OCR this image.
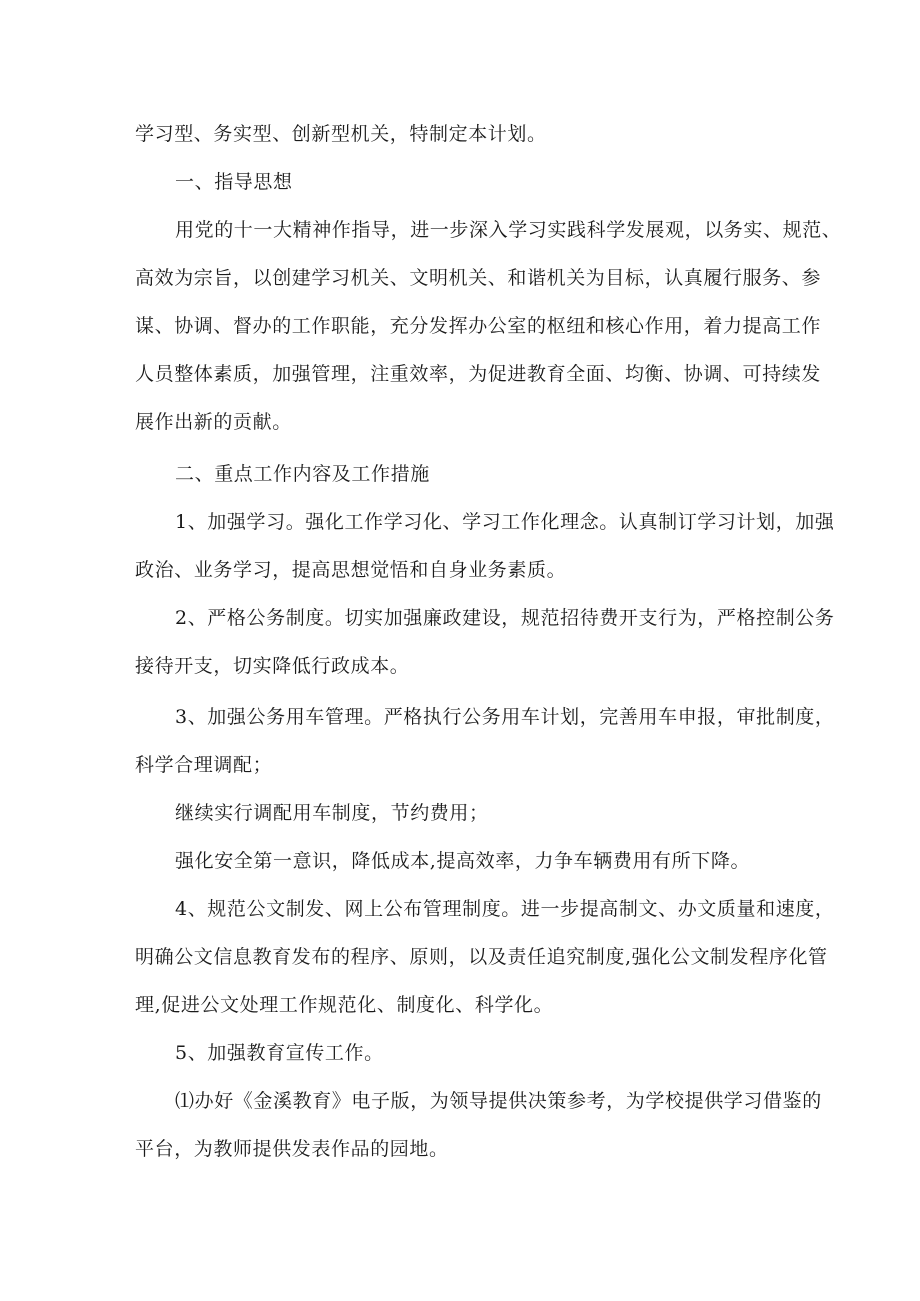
学习型、务实型、创新型机关，特制定本计划。
一、指导思想
用党的十一大精神作指导，进一步深入学习实践科学发展观，以务实、规范、
高效为宗旨，以创建学习机关、文明机关、和谐机关为目标，认真履行服务、参
谋、协调、督办的工作职能，充分发挥办公室的枢纽和核心作用，着力提高工作
人员整体素质，加强管理，注重效率，为促进教育全面、均衡、协调、可持续发
展作出新的贡献。
二、重点工作内容及工作措施
1、加强学习。强化工作学习化、学习工作化理念。认真制订学习计划，加强
政治、业务学习，提高思想觉悟和自身业务素质。
2、严格公务制度。切实加强廉政建设，规范招待费开支行为，严格控制公务
接待开支，切实降低行政成本。
3、加强公务用车管理。严格执行公务用车计划，完善用车申报，审批制度，
科学合理调配；
继续实行调配用车制度，节约费用；
强化安全第一意识，降低成本,提高效率，力争车辆费用有所下降。
4、规范公文制发、网上公布管理制度。进一步提高制文、办文质量和速度，
明确公文信息教育发布的程序、原则，以及责任追究制度,强化公文制发程序化管
理,促进公文处理工作规范化、制度化、科学化。
5、加强教育宣传工作。
⑴办好《金溪教育》电子版，为领导提供决策参考，为学校提供学习借鉴的
平台，为教师提供发表作品的园地。
